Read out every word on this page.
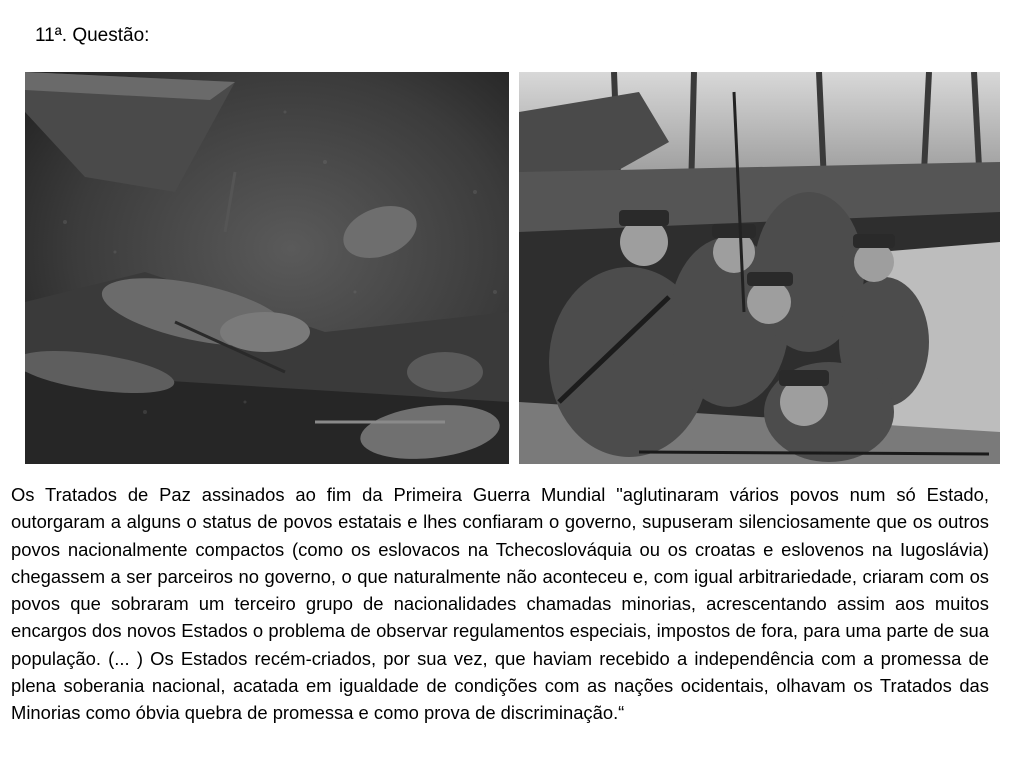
11ª. Questão:

Os Tratados de Paz assinados ao fim da Primeira Guerra Mundial "aglutinaram vários povos num só Estado, outorgaram a alguns o status de povos estatais e lhes confiaram o governo, supuseram silenciosamente que os outros povos nacionalmente compactos (como os eslovacos na Tchecoslováquia ou os croatas e eslovenos na Iugoslávia) chegassem a ser parceiros no governo, o que naturalmente não aconteceu e, com igual arbitrariedade, criaram com os povos que sobraram um terceiro grupo de nacionalidades chamadas minorias, acrescentando assim aos muitos encargos dos novos Estados o problema de observar regulamentos especiais, impostos de fora, para uma parte de sua população. (... ) Os Estados recém-criados, por sua vez, que haviam recebido a independência com a promessa de plena soberania nacional, acatada em igualdade de condições com as nações ocidentais, olhavam os Tratados das Minorias como óbvia quebra de promessa e como prova de discriminação.“
